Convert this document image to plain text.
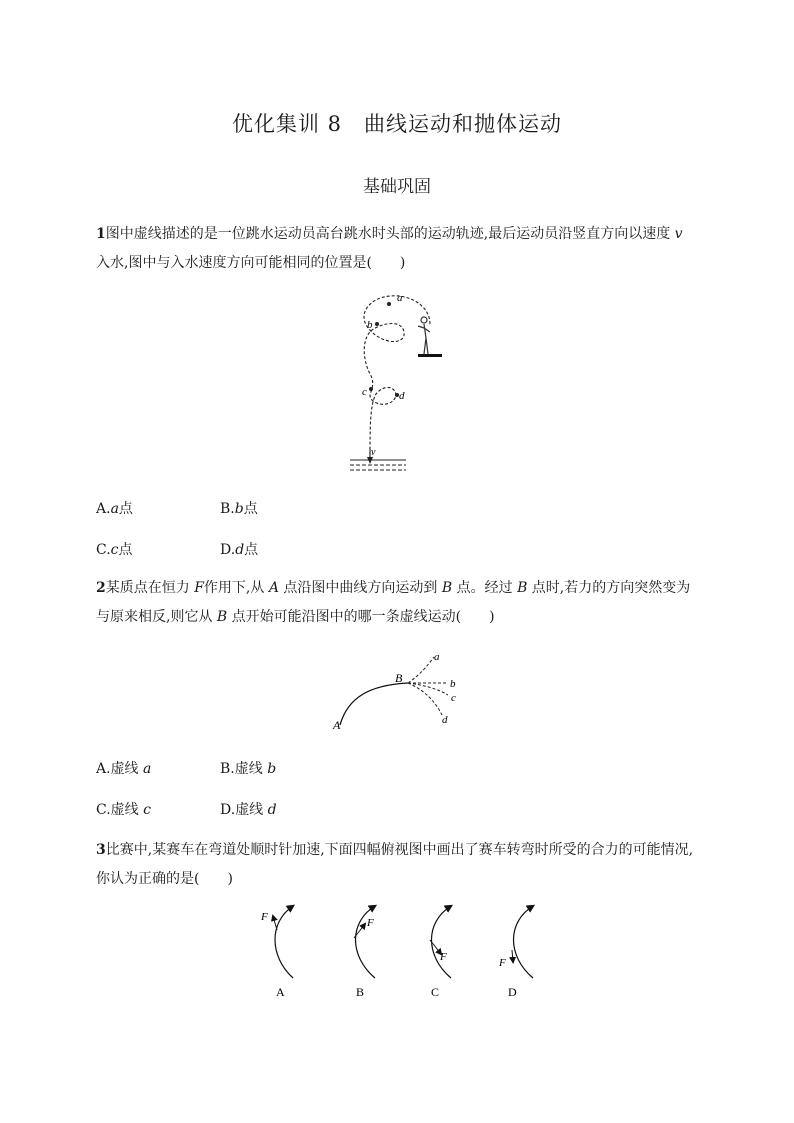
优化集训 8　曲线运动和抛体运动
基础巩固
1图中虚线描述的是一位跳水运动员高台跳水时头部的运动轨迹,最后运动员沿竖直方向以速度 v 入水,图中与入水速度方向可能相同的位置是(　　)
a
b
c	d
v
A.a点	B.b点
C.c点	D.d点
2某质点在恒力 F作用下,从 A 点沿图中曲线方向运动到 B 点。经过 B 点时,若力的方向突然变为与原来相反,则它从 B 点开始可能沿图中的哪一条虚线运动(　　)
A
B
a
b
c
d
A.虚线 a	B.虚线 b
C.虚线 c	D.虚线 d
3比赛中,某赛车在弯道处顺时针加速,下面四幅俯视图中画出了赛车转弯时所受的合力的可能情况,你认为正确的是(　　)
F
A
F
B
F
C
F
D
